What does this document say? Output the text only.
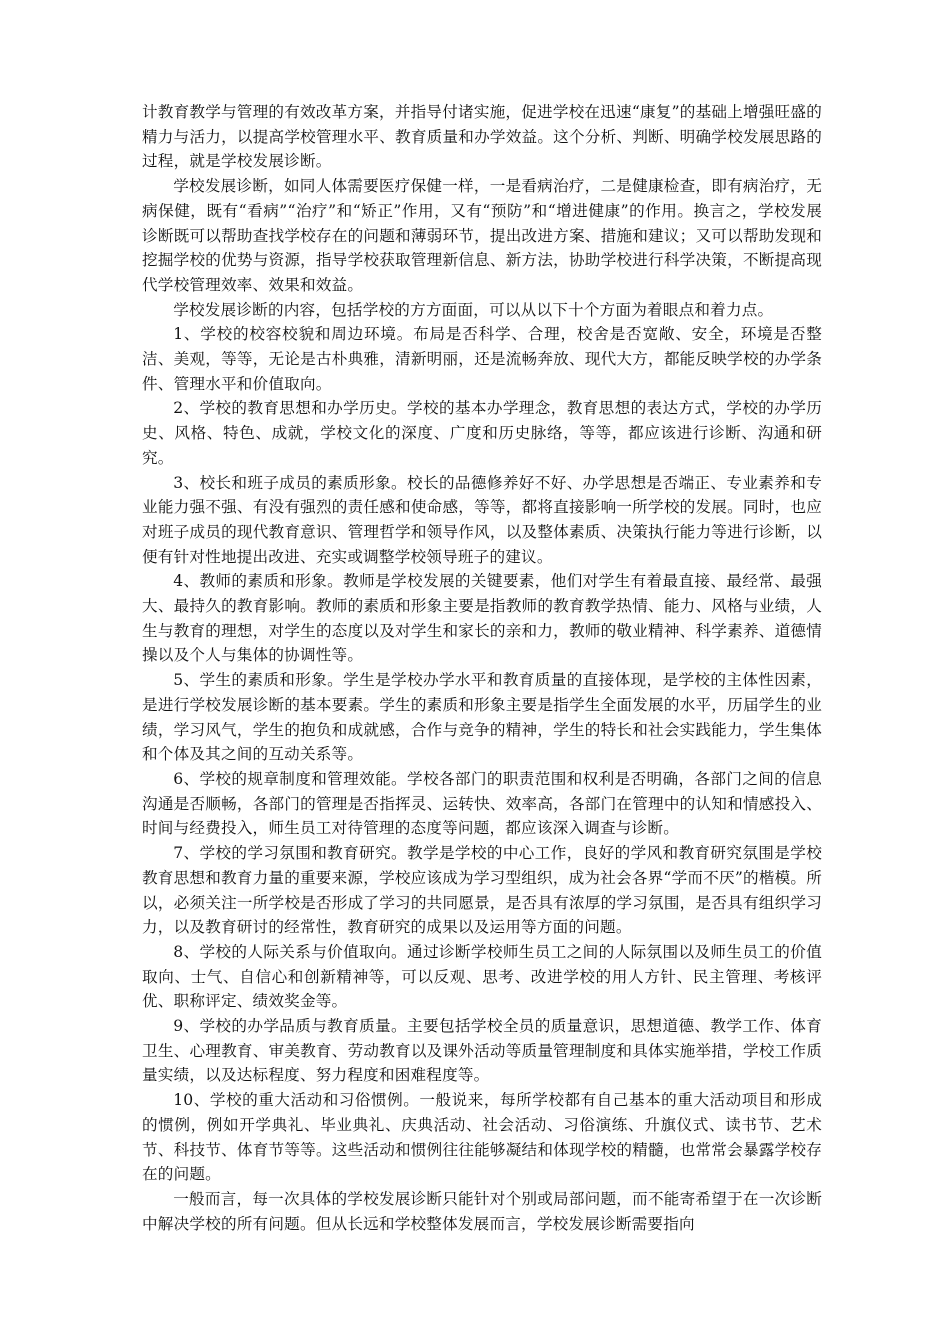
计教育教学与管理的有效改革方案，并指导付诸实施，促进学校在迅速“康复”的基础上增强旺盛的精力与活力，以提高学校管理水平、教育质量和办学效益。这个分析、判断、明确学校发展思路的过程，就是学校发展诊断。

学校发展诊断，如同人体需要医疗保健一样，一是看病治疗，二是健康检查，即有病治疗，无病保健，既有“看病”“治疗”和“矫正”作用，又有“预防”和“增进健康”的作用。换言之，学校发展诊断既可以帮助查找学校存在的问题和薄弱环节，提出改进方案、措施和建议；又可以帮助发现和挖掘学校的优势与资源，指导学校获取管理新信息、新方法，协助学校进行科学决策，不断提高现代学校管理效率、效果和效益。

学校发展诊断的内容，包括学校的方方面面，可以从以下十个方面为着眼点和着力点。

1、学校的校容校貌和周边环境。布局是否科学、合理，校舍是否宽敞、安全，环境是否整洁、美观，等等，无论是古朴典雅，清新明丽，还是流畅奔放、现代大方，都能反映学校的办学条件、管理水平和价值取向。

2、学校的教育思想和办学历史。学校的基本办学理念，教育思想的表达方式，学校的办学历史、风格、特色、成就，学校文化的深度、广度和历史脉络，等等，都应该进行诊断、沟通和研究。

3、校长和班子成员的素质形象。校长的品德修养好不好、办学思想是否端正、专业素养和专业能力强不强、有没有强烈的责任感和使命感，等等，都将直接影响一所学校的发展。同时，也应对班子成员的现代教育意识、管理哲学和领导作风，以及整体素质、决策执行能力等进行诊断，以便有针对性地提出改进、充实或调整学校领导班子的建议。

4、教师的素质和形象。教师是学校发展的关键要素，他们对学生有着最直接、最经常、最强大、最持久的教育影响。教师的素质和形象主要是指教师的教育教学热情、能力、风格与业绩，人生与教育的理想，对学生的态度以及对学生和家长的亲和力，教师的敬业精神、科学素养、道德情操以及个人与集体的协调性等。

5、学生的素质和形象。学生是学校办学水平和教育质量的直接体现，是学校的主体性因素，是进行学校发展诊断的基本要素。学生的素质和形象主要是指学生全面发展的水平，历届学生的业绩，学习风气，学生的抱负和成就感，合作与竞争的精神，学生的特长和社会实践能力，学生集体和个体及其之间的互动关系等。

6、学校的规章制度和管理效能。学校各部门的职责范围和权利是否明确，各部门之间的信息沟通是否顺畅，各部门的管理是否指挥灵、运转快、效率高，各部门在管理中的认知和情感投入、时间与经费投入，师生员工对待管理的态度等问题，都应该深入调查与诊断。

7、学校的学习氛围和教育研究。教学是学校的中心工作，良好的学风和教育研究氛围是学校教育思想和教育力量的重要来源，学校应该成为学习型组织，成为社会各界“学而不厌”的楷模。所以，必须关注一所学校是否形成了学习的共同愿景，是否具有浓厚的学习氛围，是否具有组织学习力，以及教育研讨的经常性，教育研究的成果以及运用等方面的问题。

8、学校的人际关系与价值取向。通过诊断学校师生员工之间的人际氛围以及师生员工的价值取向、士气、自信心和创新精神等，可以反观、思考、改进学校的用人方针、民主管理、考核评优、职称评定、绩效奖金等。

9、学校的办学品质与教育质量。主要包括学校全员的质量意识，思想道德、教学工作、体育卫生、心理教育、审美教育、劳动教育以及课外活动等质量管理制度和具体实施举措，学校工作质量实绩，以及达标程度、努力程度和困难程度等。

10、学校的重大活动和习俗惯例。一般说来，每所学校都有自己基本的重大活动项目和形成的惯例，例如开学典礼、毕业典礼、庆典活动、社会活动、习俗演练、升旗仪式、读书节、艺术节、科技节、体育节等等。这些活动和惯例往往能够凝结和体现学校的精髓，也常常会暴露学校存在的问题。

一般而言，每一次具体的学校发展诊断只能针对个别或局部问题，而不能寄希望于在一次诊断中解决学校的所有问题。但从长远和学校整体发展而言，学校发展诊断需要指向
